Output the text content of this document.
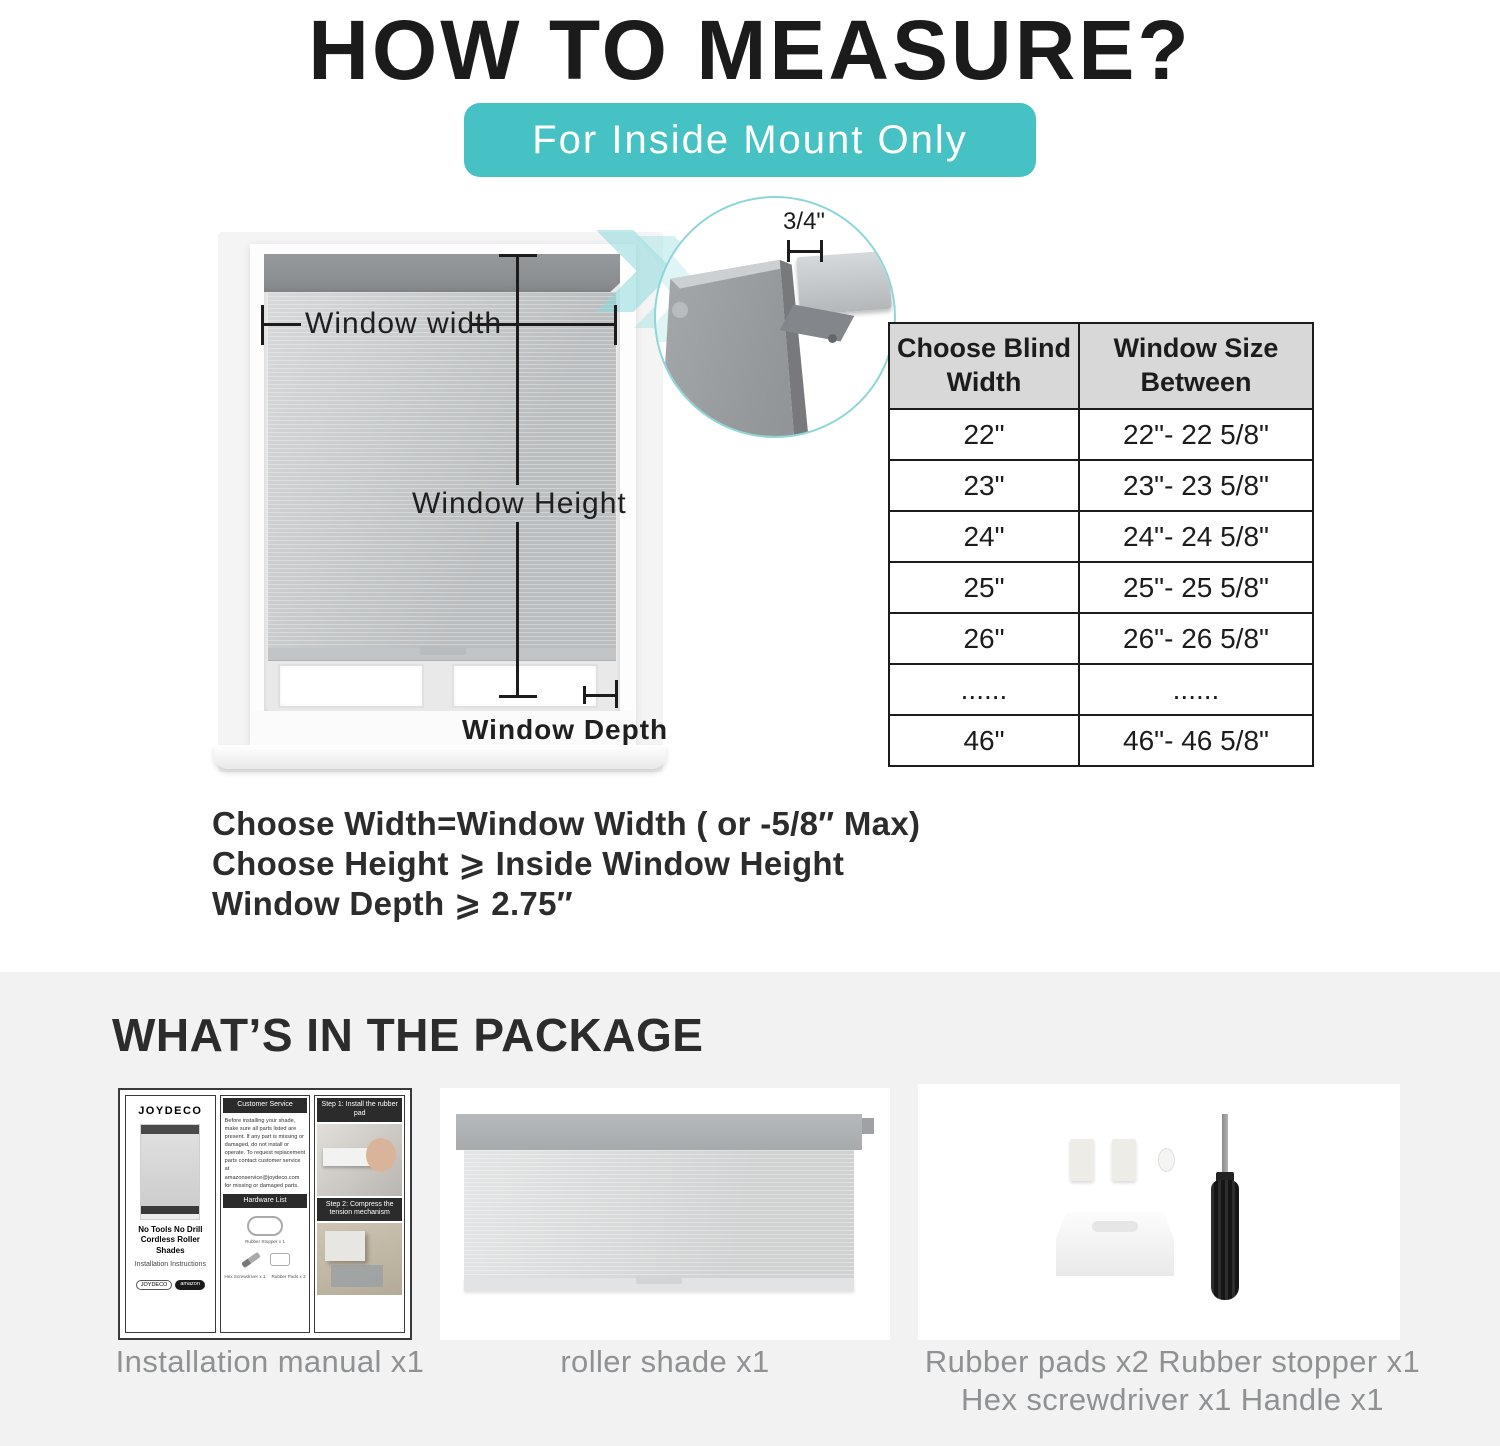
HOW TO MEASURE?
For Inside Mount Only
Window width
Window Height
Window Depth
3/4"
Choose Blind Width	Window Size Between
22"	22"- 22 5/8"
23"	23"- 23 5/8"
24"	24"- 24 5/8"
25"	25"- 25 5/8"
26"	26"- 26 5/8"
......	......
46"	46"- 46 5/8"
Choose Width=Window Width ( or -5/8″ Max)
Choose Height ⩾ Inside Window Height
Window Depth ⩾ 2.75″
WHAT’S IN THE PACKAGE
JOYDECO
No Tools No Drill
Cordless Roller Shades
Installation Instructions
JOYDECO	amazon
Customer Service
Before installing your shade, make sure all parts listed are present. If any part is missing or damaged, do not install or operate. To request replacement parts contact customer service at amazonservice@joydeco.com for missing or damaged parts.
Hardware List
Rubber Stopper x 1
Hex Screwdriver x 1 Rubber Pads x 2
Step 1: Install the rubber pad
Step 2: Compress the tension mechanism
Installation manual x1	roller shade x1	Rubber pads x2 Rubber stopper x1
Hex screwdriver x1 Handle x1
